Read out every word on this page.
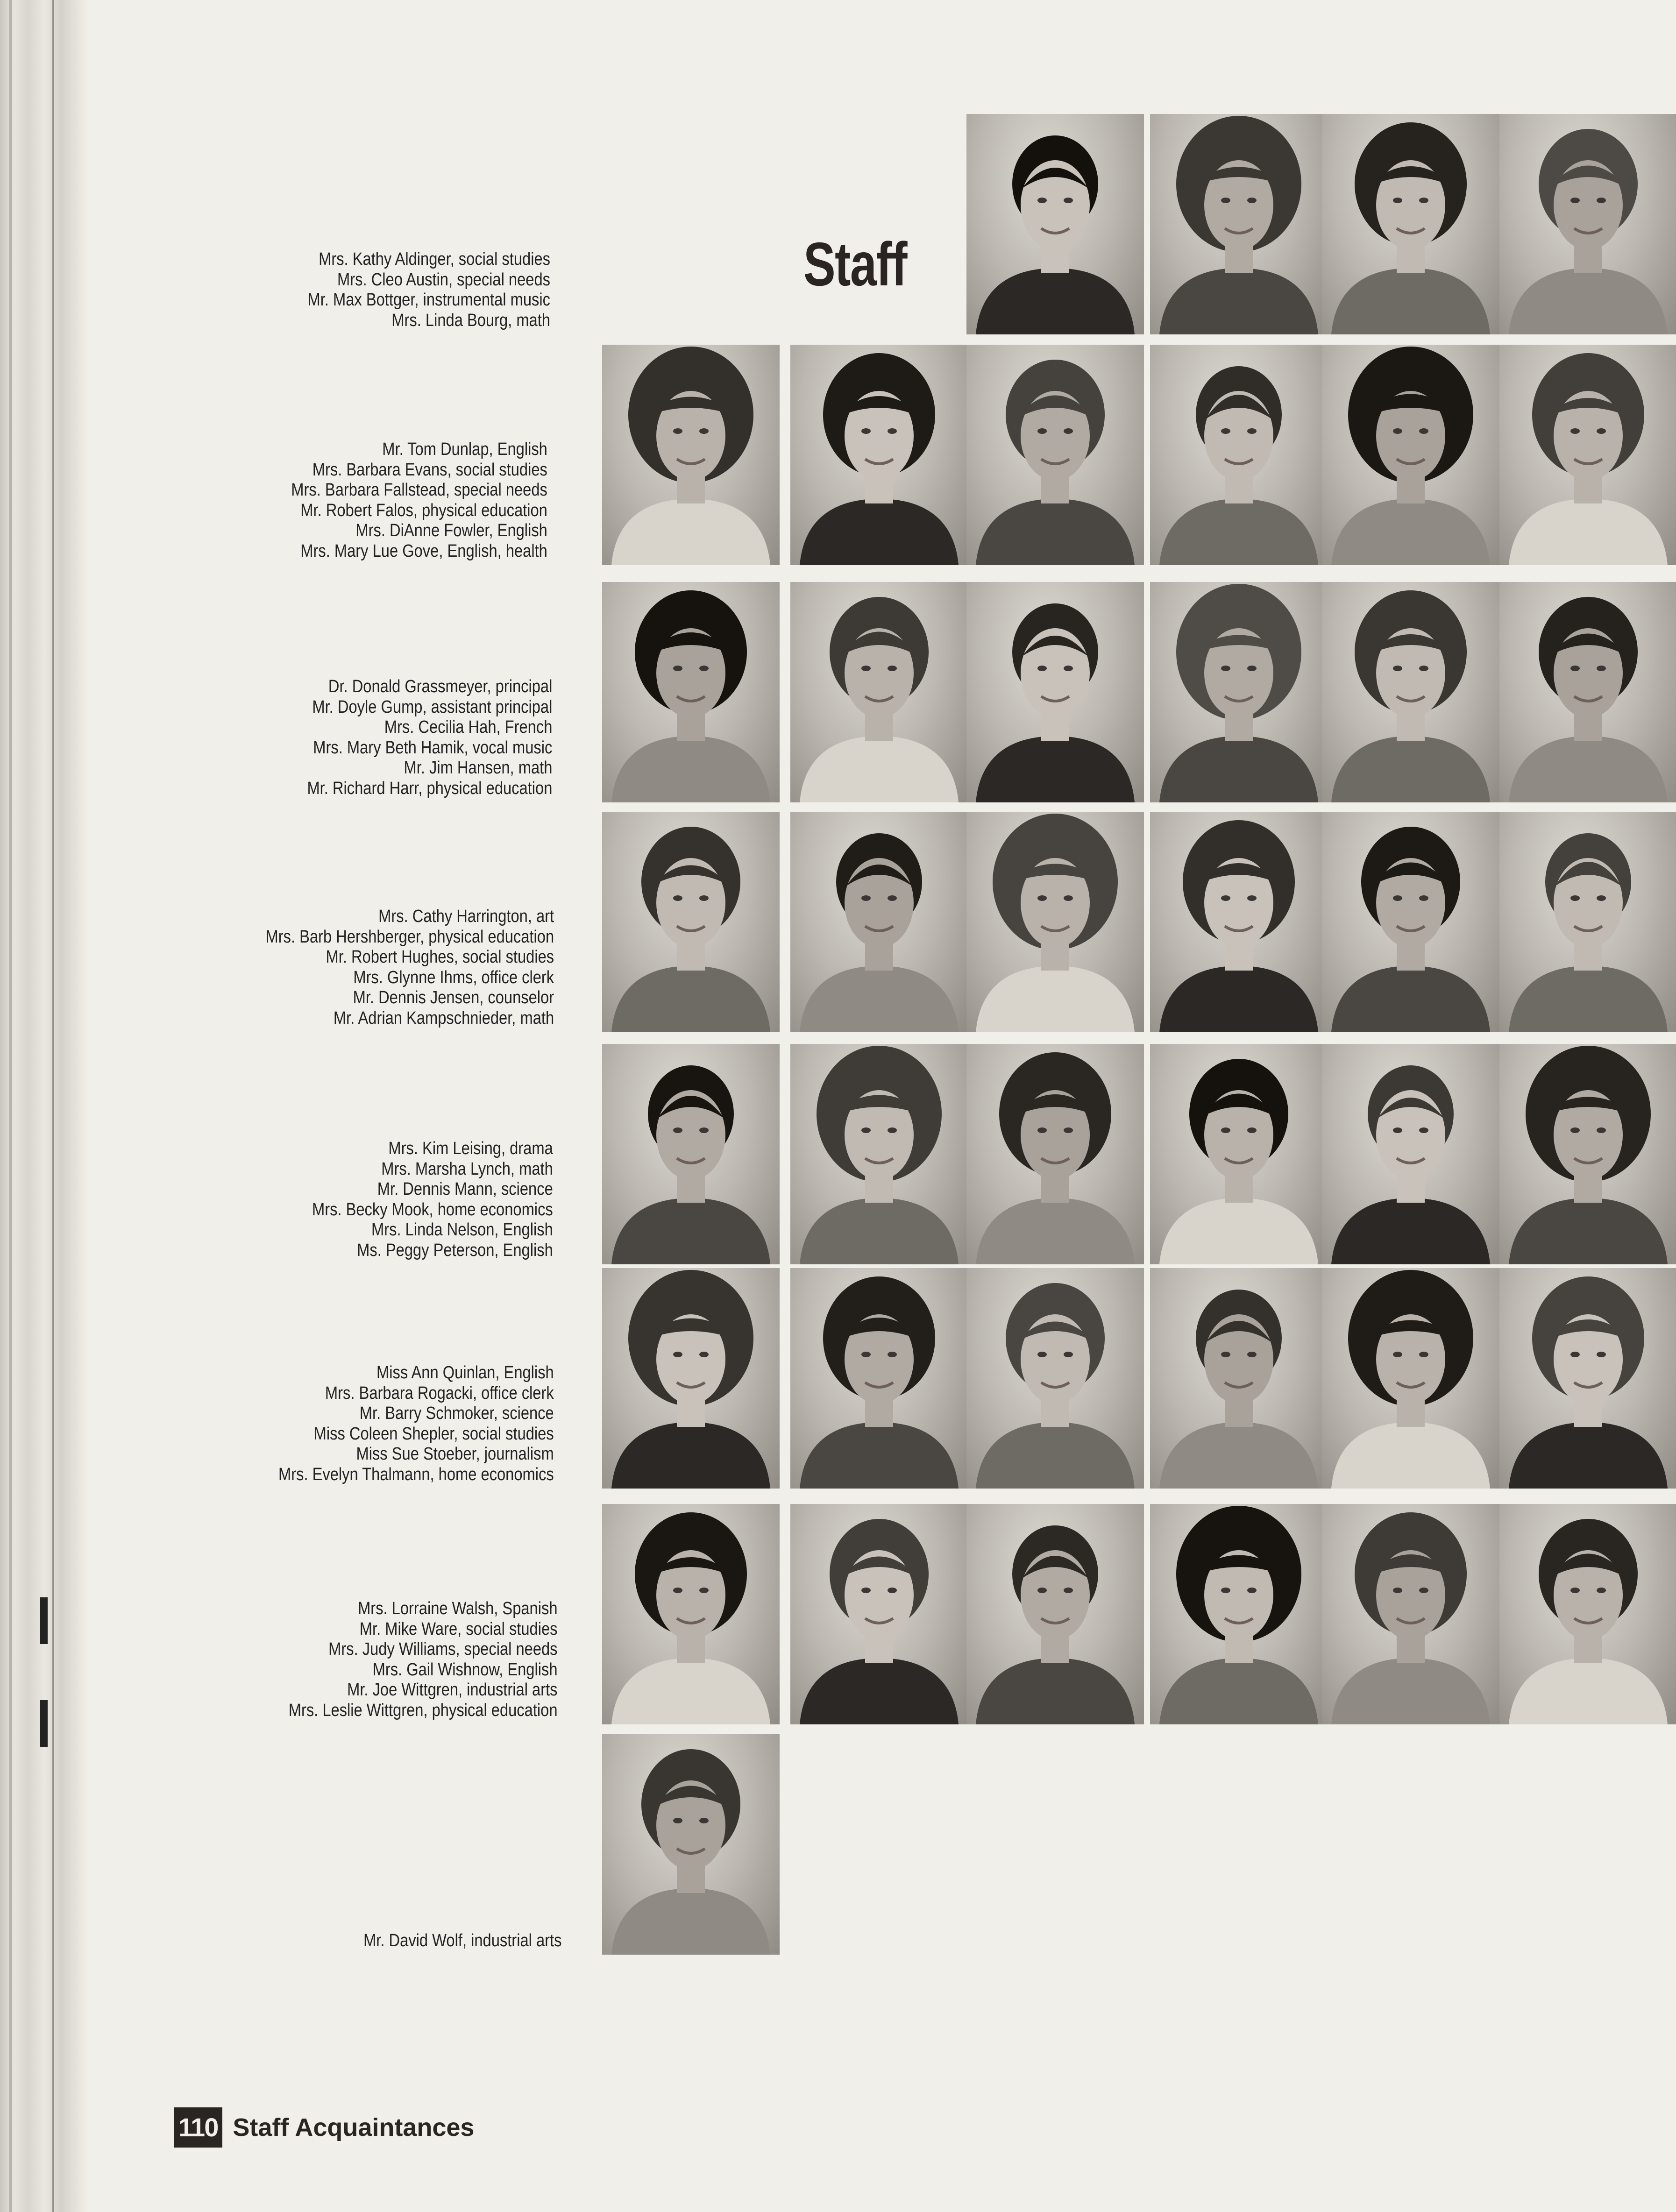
Staff
Mrs. Kathy Aldinger, social studies
Mrs. Cleo Austin, special needs
Mr. Max Bottger, instrumental music
Mrs. Linda Bourg, math
Mr. Tom Dunlap, English
Mrs. Barbara Evans, social studies
Mrs. Barbara Fallstead, special needs
Mr. Robert Falos, physical education
Mrs. DiAnne Fowler, English
Mrs. Mary Lue Gove, English, health
Dr. Donald Grassmeyer, principal
Mr. Doyle Gump, assistant principal
Mrs. Cecilia Hah, French
Mrs. Mary Beth Hamik, vocal music
Mr. Jim Hansen, math
Mr. Richard Harr, physical education
Mrs. Cathy Harrington, art
Mrs. Barb Hershberger, physical education
Mr. Robert Hughes, social studies
Mrs. Glynne Ihms, office clerk
Mr. Dennis Jensen, counselor
Mr. Adrian Kampschnieder, math
Mrs. Kim Leising, drama
Mrs. Marsha Lynch, math
Mr. Dennis Mann, science
Mrs. Becky Mook, home economics
Mrs. Linda Nelson, English
Ms. Peggy Peterson, English
Miss Ann Quinlan, English
Mrs. Barbara Rogacki, office clerk
Mr. Barry Schmoker, science
Miss Coleen Shepler, social studies
Miss Sue Stoeber, journalism
Mrs. Evelyn Thalmann, home economics
Mrs. Lorraine Walsh, Spanish
Mr. Mike Ware, social studies
Mrs. Judy Williams, special needs
Mrs. Gail Wishnow, English
Mr. Joe Wittgren, industrial arts
Mrs. Leslie Wittgren, physical education
Mr. David Wolf, industrial arts
110 Staff Acquaintances
